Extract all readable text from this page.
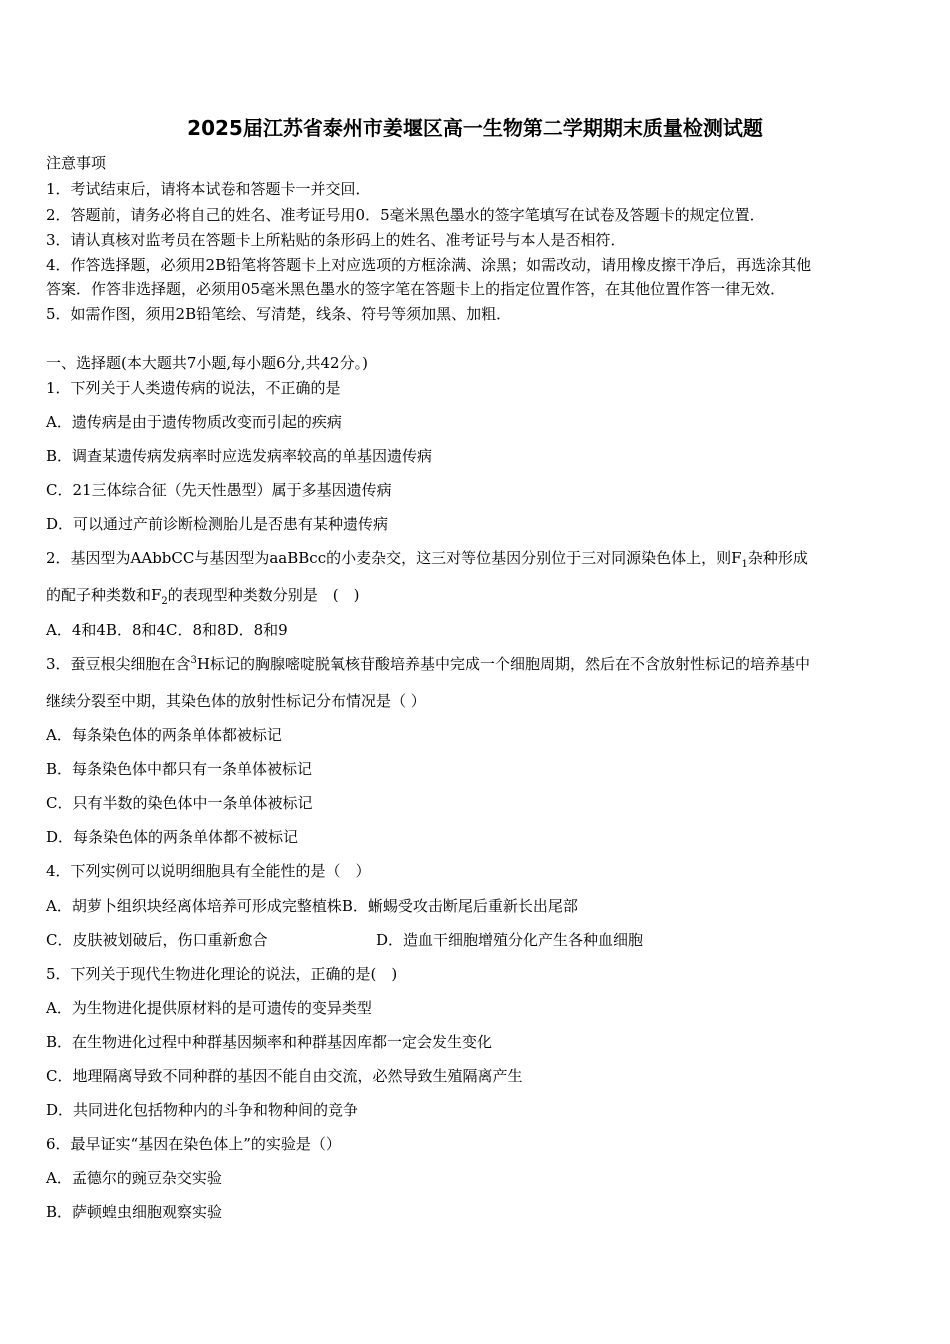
2025届江苏省泰州市姜堰区高一生物第二学期期末质量检测试题
注意事项
1．考试结束后，请将本试卷和答题卡一并交回．
2．答题前，请务必将自己的姓名、准考证号用0．5毫米黑色墨水的签字笔填写在试卷及答题卡的规定位置．
3．请认真核对监考员在答题卡上所粘贴的条形码上的姓名、准考证号与本人是否相符．
4．作答选择题，必须用2B铅笔将答题卡上对应选项的方框涂满、涂黑；如需改动，请用橡皮擦干净后，再选涂其他
答案．作答非选择题，必须用05毫米黑色墨水的签字笔在答题卡上的指定位置作答，在其他位置作答一律无效．
5．如需作图，须用2B铅笔绘、写清楚，线条、符号等须加黑、加粗．
一、选择题(本大题共7小题,每小题6分,共42分。)
1．下列关于人类遗传病的说法，不正确的是
A．遗传病是由于遗传物质改变而引起的疾病
B．调查某遗传病发病率时应选发病率较高的单基因遗传病
C．21三体综合征（先天性愚型）属于多基因遗传病
D．可以通过产前诊断检测胎儿是否患有某种遗传病
2．基因型为AAbbCC与基因型为aaBBcc的小麦杂交，这三对等位基因分别位于三对同源染色体上，则$F_1$杂种形成
的配子种类数和$F_2$的表现型种类数分别是　(　)
A．4和4B．8和4C．8和8D．8和9
3．蚕豆根尖细胞在含$^3$H标记的胸腺嘧啶脱氧核苷酸培养基中完成一个细胞周期，然后在不含放射性标记的培养基中
继续分裂至中期，其染色体的放射性标记分布情况是（ ）
A．每条染色体的两条单体都被标记
B．每条染色体中都只有一条单体被标记
C．只有半数的染色体中一条单体被标记
D．每条染色体的两条单体都不被标记
4．下列实例可以说明细胞具有全能性的是（　）
A．胡萝卜组织块经离体培养可形成完整植株B．蜥蜴受攻击断尾后重新长出尾部
C．皮肤被划破后，伤口重新愈合	D．造血干细胞增殖分化产生各种血细胞
5．下列关于现代生物进化理论的说法，正确的是(　)
A．为生物进化提供原材料的是可遗传的变异类型
B．在生物进化过程中种群基因频率和种群基因库都一定会发生变化
C．地理隔离导致不同种群的基因不能自由交流，必然导致生殖隔离产生
D．共同进化包括物种内的斗争和物种间的竞争
6．最早证实“基因在染色体上”的实验是（）
A．孟德尔的豌豆杂交实验
B．萨顿蝗虫细胞观察实验
